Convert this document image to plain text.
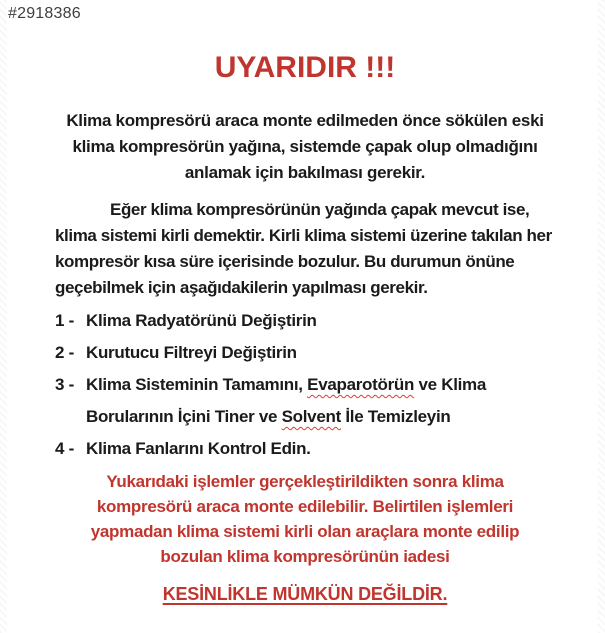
#2918386
UYARIDIR !!!

Klima kompresörü araca monte edilmeden önce sökülen eski klima kompresörün yağına, sistemde çapak olup olmadığını anlamak için bakılması gerekir.

Eğer klima kompresörünün yağında çapak mevcut ise, klima sistemi kirli demektir. Kirli klima sistemi üzerine takılan her kompresör kısa süre içerisinde bozulur. Bu durumun önüne geçebilmek için aşağıdakilerin yapılması gerekir.

1 - Klima Radyatörünü Değiştirin
2 - Kurutucu Filtreyi Değiştirin
3 - Klima Sisteminin Tamamını, Evaparotörün ve Klima Borularının İçini Tiner ve Solvent İle Temizleyin
4 - Klima Fanlarını Kontrol Edin.

Yukarıdaki işlemler gerçekleştirildikten sonra klima kompresörü araca monte edilebilir. Belirtilen işlemleri yapmadan klima sistemi kirli olan araçlara monte edilip bozulan klima kompresörünün iadesi

KESİNLİKLE MÜMKÜN DEĞİLDİR.
